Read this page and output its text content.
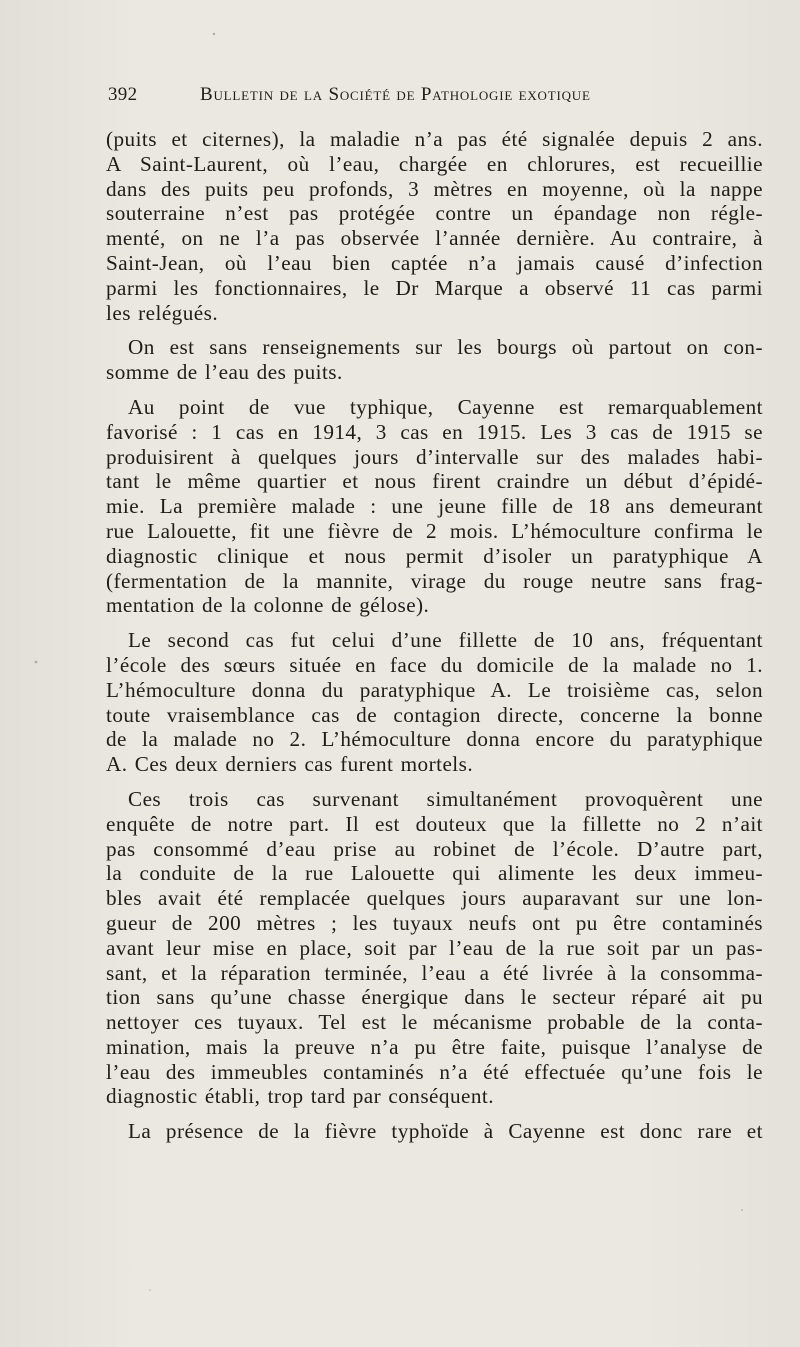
392	Bulletin de la Société de Pathologie exotique
(puits et citernes), la maladie n’a pas été signalée depuis 2 ans.
A Saint-Laurent, où l’eau, chargée en chlorures, est recueillie
dans des puits peu profonds, 3 mètres en moyenne, où la nappe
souterraine n’est pas protégée contre un épandage non régle-
menté, on ne l’a pas observée l’année dernière. Au contraire, à
Saint-Jean, où l’eau bien captée n’a jamais causé d’infection
parmi les fonctionnaires, le Dr Marque a observé 11 cas parmi
les relégués.
On est sans renseignements sur les bourgs où partout on con-
somme de l’eau des puits.
Au point de vue typhique, Cayenne est remarquablement
favorisé : 1 cas en 1914, 3 cas en 1915. Les 3 cas de 1915 se
produisirent à quelques jours d’intervalle sur des malades habi-
tant le même quartier et nous firent craindre un début d’épidé-
mie. La première malade : une jeune fille de 18 ans demeurant
rue Lalouette, fit une fièvre de 2 mois. L’hémoculture confirma le
diagnostic clinique et nous permit d’isoler un paratyphique A
(fermentation de la mannite, virage du rouge neutre sans frag-
mentation de la colonne de gélose).
Le second cas fut celui d’une fillette de 10 ans, fréquentant
l’école des sœurs située en face du domicile de la malade no 1.
L’hémoculture donna du paratyphique A. Le troisième cas, selon
toute vraisemblance cas de contagion directe, concerne la bonne
de la malade no 2. L’hémoculture donna encore du paratyphique
A. Ces deux derniers cas furent mortels.
Ces trois cas survenant simultanément provoquèrent une
enquête de notre part. Il est douteux que la fillette no 2 n’ait
pas consommé d’eau prise au robinet de l’école. D’autre part,
la conduite de la rue Lalouette qui alimente les deux immeu-
bles avait été remplacée quelques jours auparavant sur une lon-
gueur de 200 mètres ; les tuyaux neufs ont pu être contaminés
avant leur mise en place, soit par l’eau de la rue soit par un pas-
sant, et la réparation terminée, l’eau a été livrée à la consomma-
tion sans qu’une chasse énergique dans le secteur réparé ait pu
nettoyer ces tuyaux. Tel est le mécanisme probable de la conta-
mination, mais la preuve n’a pu être faite, puisque l’analyse de
l’eau des immeubles contaminés n’a été effectuée qu’une fois le
diagnostic établi, trop tard par conséquent.
La présence de la fièvre typhoïde à Cayenne est donc rare et
